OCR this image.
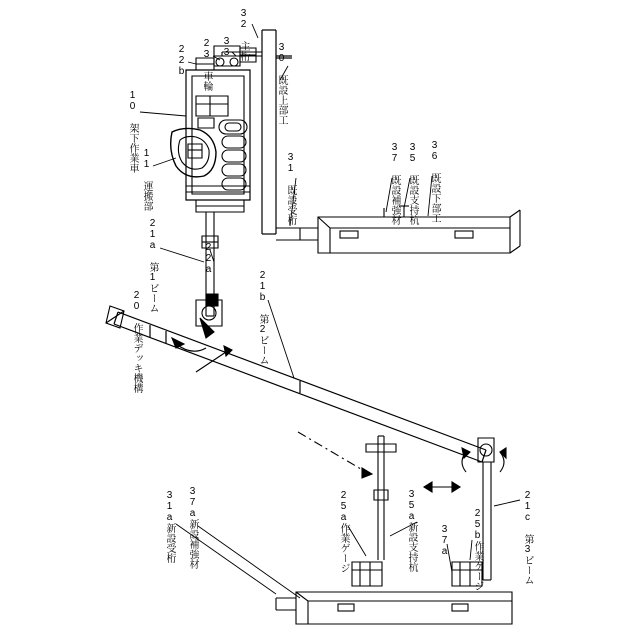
32 主桁
33
22b 23 車輪	30 既設上部工
10 架下作業車
11 運搬部	31 既設受桁	37 既設補強材 35 既設支持杭 36 既設下部工
21a 第1ビーム	22a
21b 第2ビーム
20 作業デッキ機構
21c 第3ビーム
25b作業ゲージ
37a
35a新設支持杭
31a新設受桁 37a新設補強材	25a作業ゲージ
